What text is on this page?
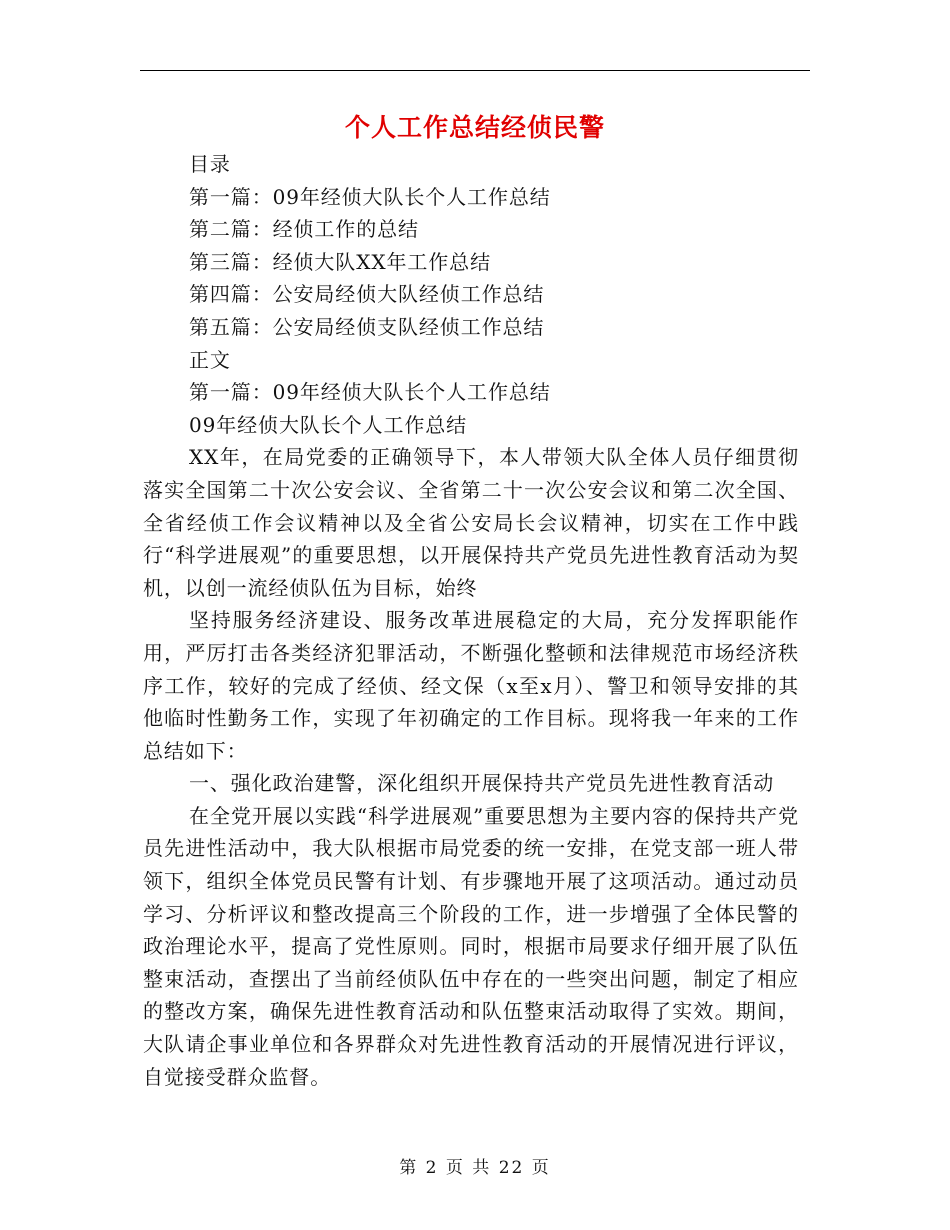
个人工作总结经侦民警
目录
第一篇：09年经侦大队长个人工作总结
第二篇：经侦工作的总结
第三篇：经侦大队XX年工作总结
第四篇：公安局经侦大队经侦工作总结
第五篇：公安局经侦支队经侦工作总结
正文
第一篇：09年经侦大队长个人工作总结
09年经侦大队长个人工作总结
XX年，在局党委的正确领导下，本人带领大队全体人员仔细贯彻落实全国第二十次公安会议、全省第二十一次公安会议和第二次全国、全省经侦工作会议精神以及全省公安局长会议精神，切实在工作中践行“科学进展观”的重要思想，以开展保持共产党员先进性教育活动为契机，以创一流经侦队伍为目标，始终
坚持服务经济建设、服务改革进展稳定的大局，充分发挥职能作用，严厉打击各类经济犯罪活动，不断强化整顿和法律规范市场经济秩序工作，较好的完成了经侦、经文保（x至x月）、警卫和领导安排的其他临时性勤务工作，实现了年初确定的工作目标。现将我一年来的工作总结如下：
一、强化政治建警，深化组织开展保持共产党员先进性教育活动
在全党开展以实践“科学进展观”重要思想为主要内容的保持共产党员先进性活动中，我大队根据市局党委的统一安排，在党支部一班人带领下，组织全体党员民警有计划、有步骤地开展了这项活动。通过动员学习、分析评议和整改提高三个阶段的工作，进一步增强了全体民警的政治理论水平，提高了党性原则。同时，根据市局要求仔细开展了队伍整束活动，查摆出了当前经侦队伍中存在的一些突出问题，制定了相应的整改方案，确保先进性教育活动和队伍整束活动取得了实效。期间，大队请企事业单位和各界群众对先进性教育活动的开展情况进行评议，自觉接受群众监督。
第 2 页 共 22 页
